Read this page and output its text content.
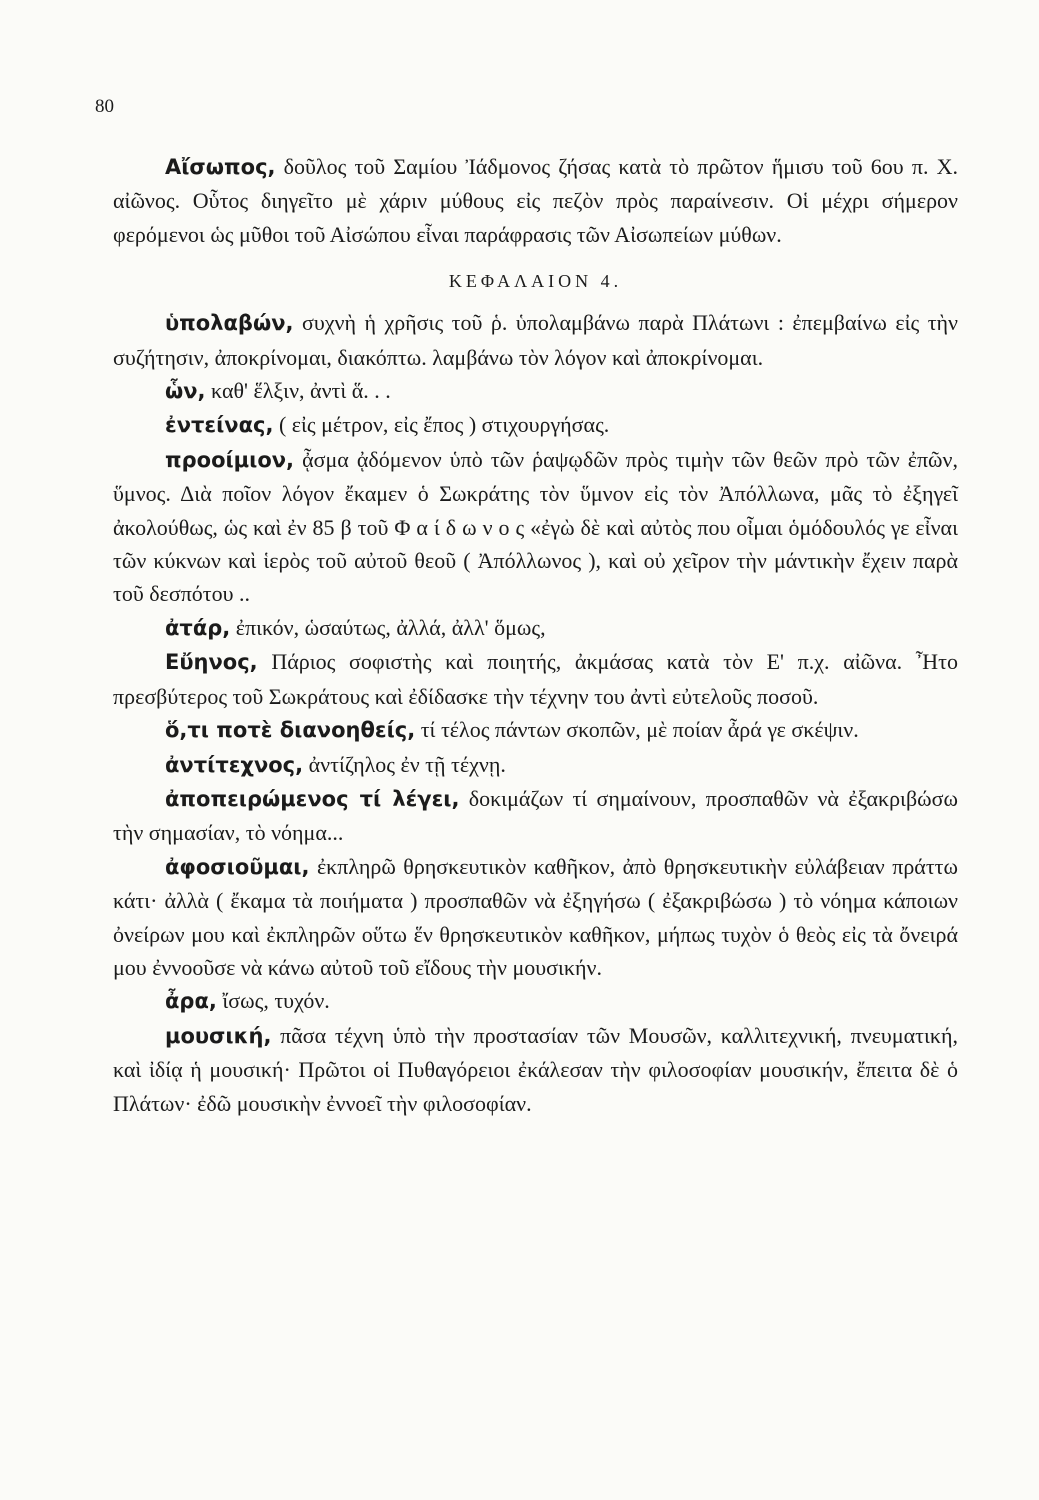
80

Αἴσωπος, δοῦλος τοῦ Σαμίου Ἰάδμονος ζήσας κατὰ τὸ πρῶτον ἥμισυ τοῦ 6ου π. Χ. αἰῶνος. Οὗτος διηγεῖτο μὲ χάριν μύθους εἰς πεζὸν πρὸς παραίνεσιν. Οἱ μέχρι σήμερον φερόμενοι ὡς μῦθοι τοῦ Αἰσώπου εἶναι παράφρασις τῶν Αἰσωπείων μύθων.

ΚΕΦΑΛΑΙΟΝ 4.

ὑπολαβών, συχνὴ ἡ χρῆσις τοῦ ῥ. ὑπολαμβάνω παρὰ Πλάτωνι : ἐπεμβαίνω εἰς τὴν συζήτησιν, ἀποκρίνομαι, διακόπτω. λαμβάνω τὸν λόγον καὶ ἀποκρίνομαι.

ὧν, καθ' ἕλξιν, ἀντὶ ἅ. . .

ἐντείνας, ( εἰς μέτρον, εἰς ἔπος ) στιχουργήσας.

προοίμιον, ᾆσμα ᾀδόμενον ὑπὸ τῶν ῥαψῳδῶν πρὸς τιμὴν τῶν θεῶν πρὸ τῶν ἐπῶν, ὕμνος. Διὰ ποῖον λόγον ἔκαμεν ὁ Σωκράτης τὸν ὕμνον εἰς τὸν Ἀπόλλωνα, μᾶς τὸ ἐξηγεῖ ἀκολούθως, ὡς καὶ ἐν 85 β τοῦ Φ α ί δ ω ν ο ς «ἐγὼ δὲ καὶ αὐτὸς που οἶμαι ὁμόδουλός γε εἶναι τῶν κύκνων καὶ ἱερὸς τοῦ αὐτοῦ θεοῦ ( Ἀπόλλωνος ), καὶ οὐ χεῖρον τὴν μάντικὴν ἔχειν παρὰ τοῦ δεσπότου ..

ἀτάρ, ἐπικόν, ὡσαύτως, ἀλλά, ἀλλ' ὅμως,

Εὔηνος, Πάριος σοφιστὴς καὶ ποιητής, ἀκμάσας κατὰ τὸν Ε' π.χ. αἰῶνα. Ἦτο πρεσβύτερος τοῦ Σωκράτους καὶ ἐδίδασκε τὴν τέχνην του ἀντὶ εὐτελοῦς ποσοῦ.

ὅ,τι ποτὲ διανοηθείς, τί τέλος πάντων σκοπῶν, μὲ ποίαν ἆρά γε σκέψιν.

ἀντίτεχνος, ἀντίζηλος ἐν τῇ τέχνῃ.

ἀποπειρώμενος τί λέγει, δοκιμάζων τί σημαίνουν, προσπαθῶν νὰ ἐξακριβώσω τὴν σημασίαν, τὸ νόημα...

ἀφοσιοῦμαι, ἐκπληρῶ θρησκευτικὸν καθῆκον, ἀπὸ θρησκευτικὴν εὐλάβειαν πράττω κάτι· ἀλλὰ ( ἔκαμα τὰ ποιήματα ) προσπαθῶν νὰ ἐξηγήσω ( ἐξακριβώσω ) τὸ νόημα κάποιων ὀνείρων μου καὶ ἐκπληρῶν οὕτω ἕν θρησκευτικὸν καθῆκον, μήπως τυχὸν ὁ θεὸς εἰς τὰ ὄνειρά μου ἐννοοῦσε νὰ κάνω αὐτοῦ τοῦ εἴδους τὴν μουσικήν.

ἆρα, ἴσως, τυχόν.

μουσική, πᾶσα τέχνη ὑπὸ τὴν προστασίαν τῶν Μουσῶν, καλλιτεχνική, πνευματική, καὶ ἰδίᾳ ἡ μουσική· Πρῶτοι οἱ Πυθαγόρειοι ἐκάλεσαν τὴν φιλοσοφίαν μουσικήν, ἔπειτα δὲ ὁ Πλάτων· ἐδῶ μουσικὴν ἐννοεῖ τὴν φιλοσοφίαν.
